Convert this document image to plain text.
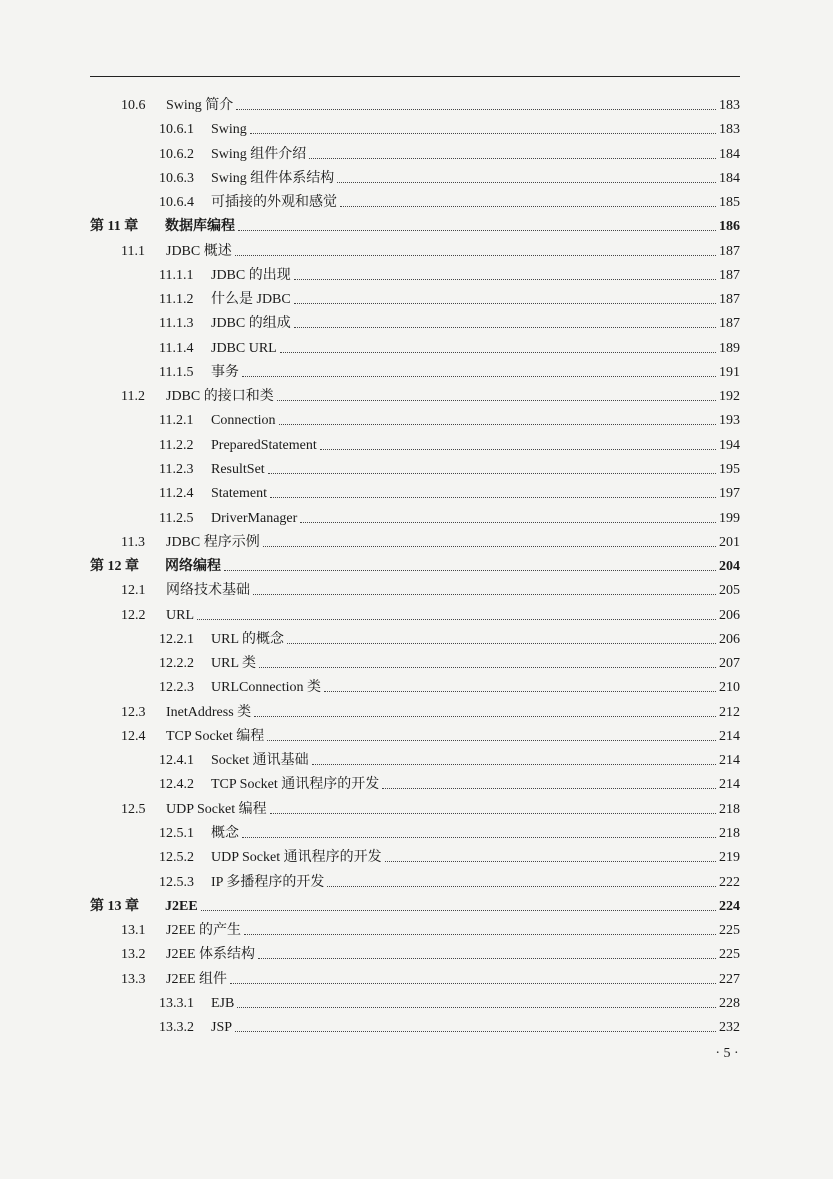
10.6 Swing 简介	183
10.6.1 Swing	183
10.6.2 Swing 组件介绍	184
10.6.3 Swing 组件体系结构	184
10.6.4 可插接的外观和感觉	185
第 11 章 数据库编程	186
11.1 JDBC 概述	187
11.1.1 JDBC 的出现	187
11.1.2 什么是 JDBC	187
11.1.3 JDBC 的组成	187
11.1.4 JDBC URL	189
11.1.5 事务	191
11.2 JDBC 的接口和类	192
11.2.1 Connection	193
11.2.2 PreparedStatement	194
11.2.3 ResultSet	195
11.2.4 Statement	197
11.2.5 DriverManager	199
11.3 JDBC 程序示例	201
第 12 章 网络编程	204
12.1 网络技术基础	205
12.2 URL	206
12.2.1 URL 的概念	206
12.2.2 URL 类	207
12.2.3 URLConnection 类	210
12.3 InetAddress 类	212
12.4 TCP Socket 编程	214
12.4.1 Socket 通讯基础	214
12.4.2 TCP Socket 通讯程序的开发	214
12.5 UDP Socket 编程	218
12.5.1 概念	218
12.5.2 UDP Socket 通讯程序的开发	219
12.5.3 IP 多播程序的开发	222
第 13 章 J2EE	224
13.1 J2EE 的产生	225
13.2 J2EE 体系结构	225
13.3 J2EE 组件	227
13.3.1 EJB	228
13.3.2 JSP	232
· 5 ·
